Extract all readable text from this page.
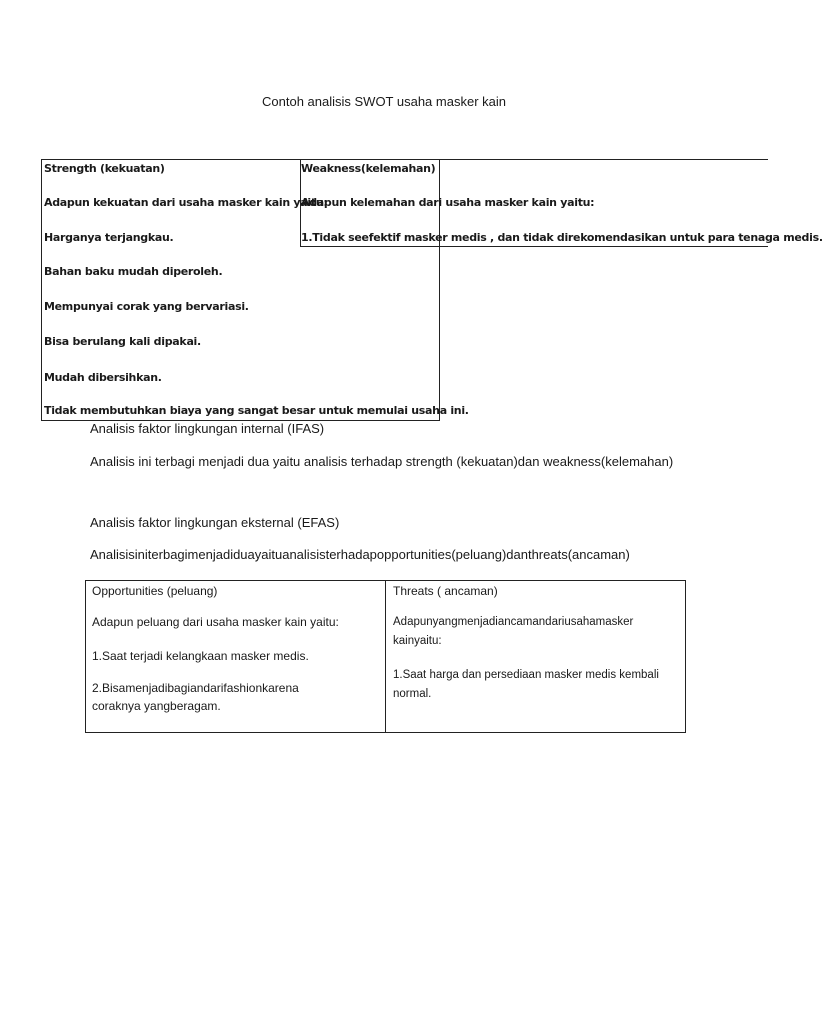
Contoh analisis SWOT usaha masker kain
Strength (kekuatan)
Adapun kekuatan dari usaha masker kain yaitu:
Harganya terjangkau.
Bahan baku mudah diperoleh.
Mempunyai corak yang bervariasi.
Bisa berulang kali dipakai.
Mudah dibersihkan.
Tidak membutuhkan biaya yang sangat besar untuk memulai usaha ini.
Weakness(kelemahan)
Adapun kelemahan dari usaha masker kain yaitu:
1.Tidak seefektif masker medis , dan tidak direkomendasikan untuk para tenaga medis.
Analisis faktor lingkungan internal (IFAS)
Analisis ini terbagi menjadi dua yaitu analisis terhadap strength (kekuatan)dan weakness(kelemahan)
Analisis faktor lingkungan eksternal (EFAS)
Analisisiniterbagimenjadiduayaituanalisisterhadapopportunities(peluang)danthreats(ancaman)
Opportunities (peluang)
Adapun peluang dari usaha masker kain yaitu:
1.Saat terjadi kelangkaan masker medis.
2.Bisamenjadibagiandarifashionkarena
coraknya yangberagam.
Threats ( ancaman)
Adapunyangmenjadiancamandariusahamasker
kainyaitu:
1.Saat harga dan persediaan masker medis kembali
normal.
